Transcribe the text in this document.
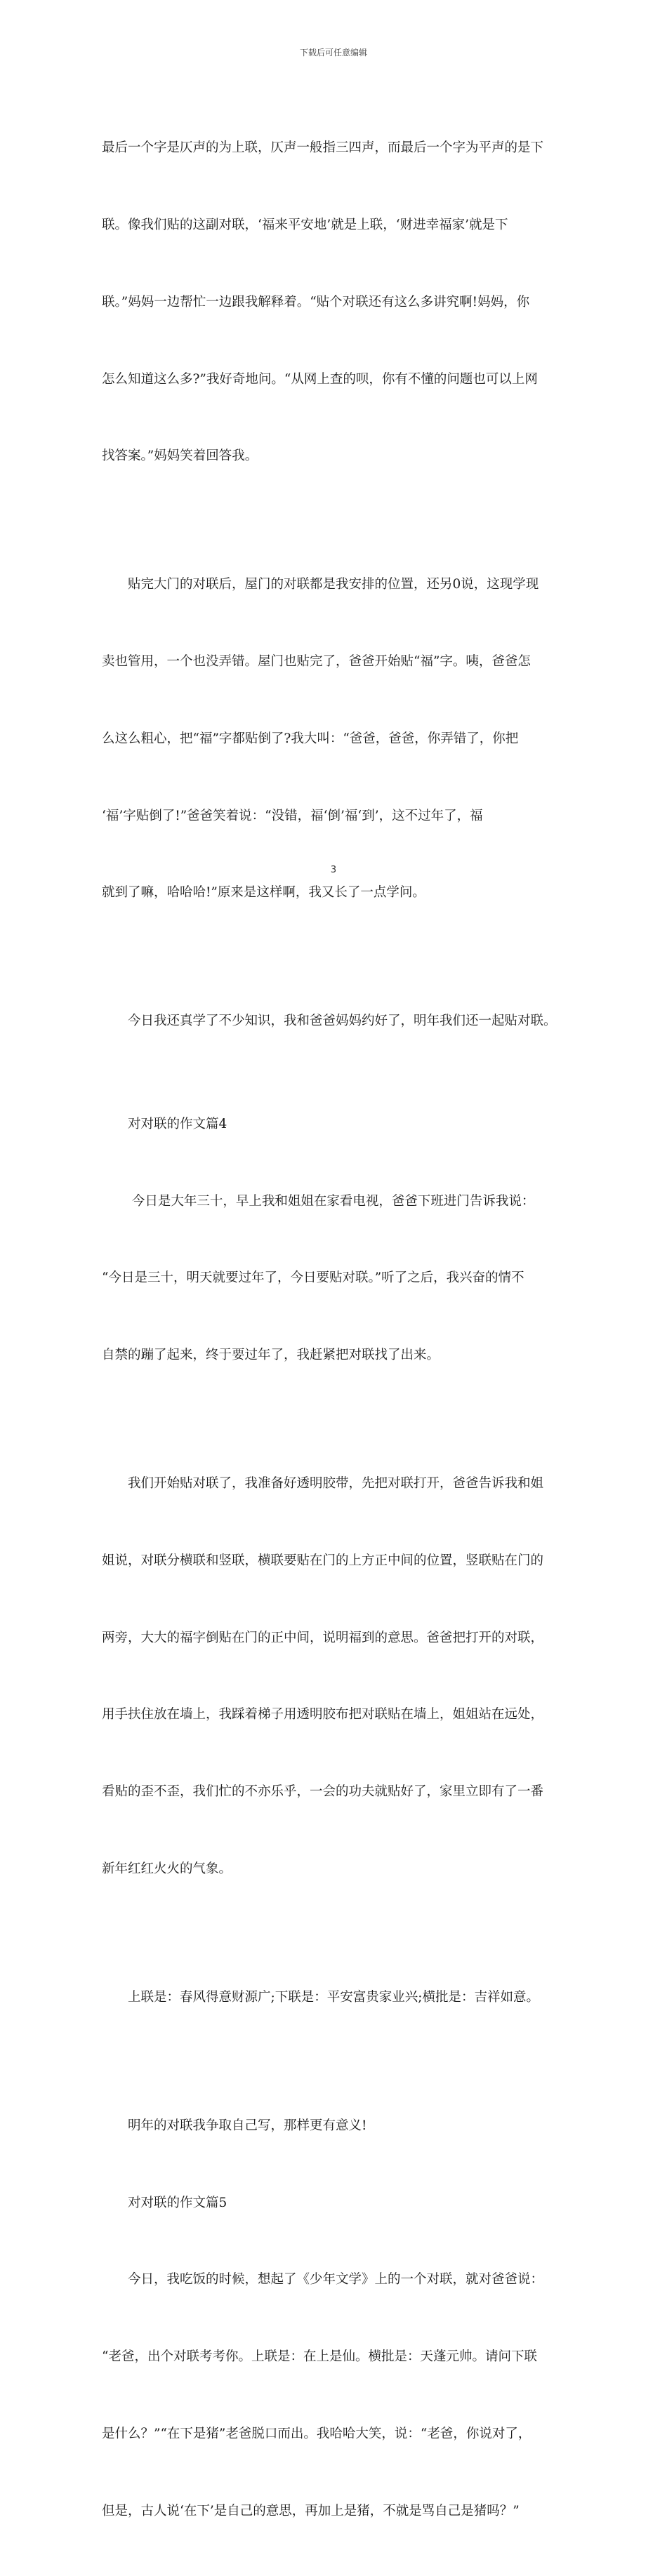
下载后可任意编辑

最后一个字是仄声的为上联，仄声一般指三四声，而最后一个字为平声的是下

联。像我们贴的这副对联，‘福来平安地’就是上联，‘财进幸福家’就是下

联。”妈妈一边帮忙一边跟我解释着。“贴个对联还有这么多讲究啊!妈妈，你

怎么知道这么多?”我好奇地问。“从网上查的呗，你有不懂的问题也可以上网

找答案。”妈妈笑着回答我。

贴完大门的对联后，屋门的对联都是我安排的位置，还另0说，这现学现

卖也管用，一个也没弄错。屋门也贴完了，爸爸开始贴“福”字。咦，爸爸怎

么这么粗心，把“福”字都贴倒了?我大叫：“爸爸，爸爸，你弄错了，你把

‘福’字贴倒了!”爸爸笑着说：“没错，福‘倒’福‘到’，这不过年了，福

就到了嘛，哈哈哈!”原来是这样啊，我又长了一点学问。

今日我还真学了不少知识，我和爸爸妈妈约好了，明年我们还一起贴对联。

对对联的作文篇4

今日是大年三十，早上我和姐姐在家看电视，爸爸下班进门告诉我说：

“今日是三十，明天就要过年了，今日要贴对联。”听了之后，我兴奋的情不

自禁的蹦了起来，终于要过年了，我赶紧把对联找了出来。

我们开始贴对联了，我准备好透明胶带，先把对联打开，爸爸告诉我和姐

姐说，对联分横联和竖联，横联要贴在门的上方正中间的位置，竖联贴在门的

两旁，大大的福字倒贴在门的正中间，说明福到的意思。爸爸把打开的对联，

用手扶住放在墙上，我踩着梯子用透明胶布把对联贴在墙上，姐姐站在远处，

看贴的歪不歪，我们忙的不亦乐乎，一会的功夫就贴好了，家里立即有了一番

新年红红火火的气象。

上联是：春风得意财源广;下联是：平安富贵家业兴;横批是：吉祥如意。

明年的对联我争取自己写，那样更有意义!

对对联的作文篇5

今日，我吃饭的时候，想起了《少年文学》上的一个对联，就对爸爸说：

“老爸，出个对联考考你。上联是：在上是仙。横批是：天蓬元帅。请问下联

是什么？”“在下是猪”老爸脱口而出。我哈哈大笑，说：“老爸，你说对了，

但是，古人说‘在下’是自己的意思，再加上是猪，不就是骂自己是猪吗？”

3
